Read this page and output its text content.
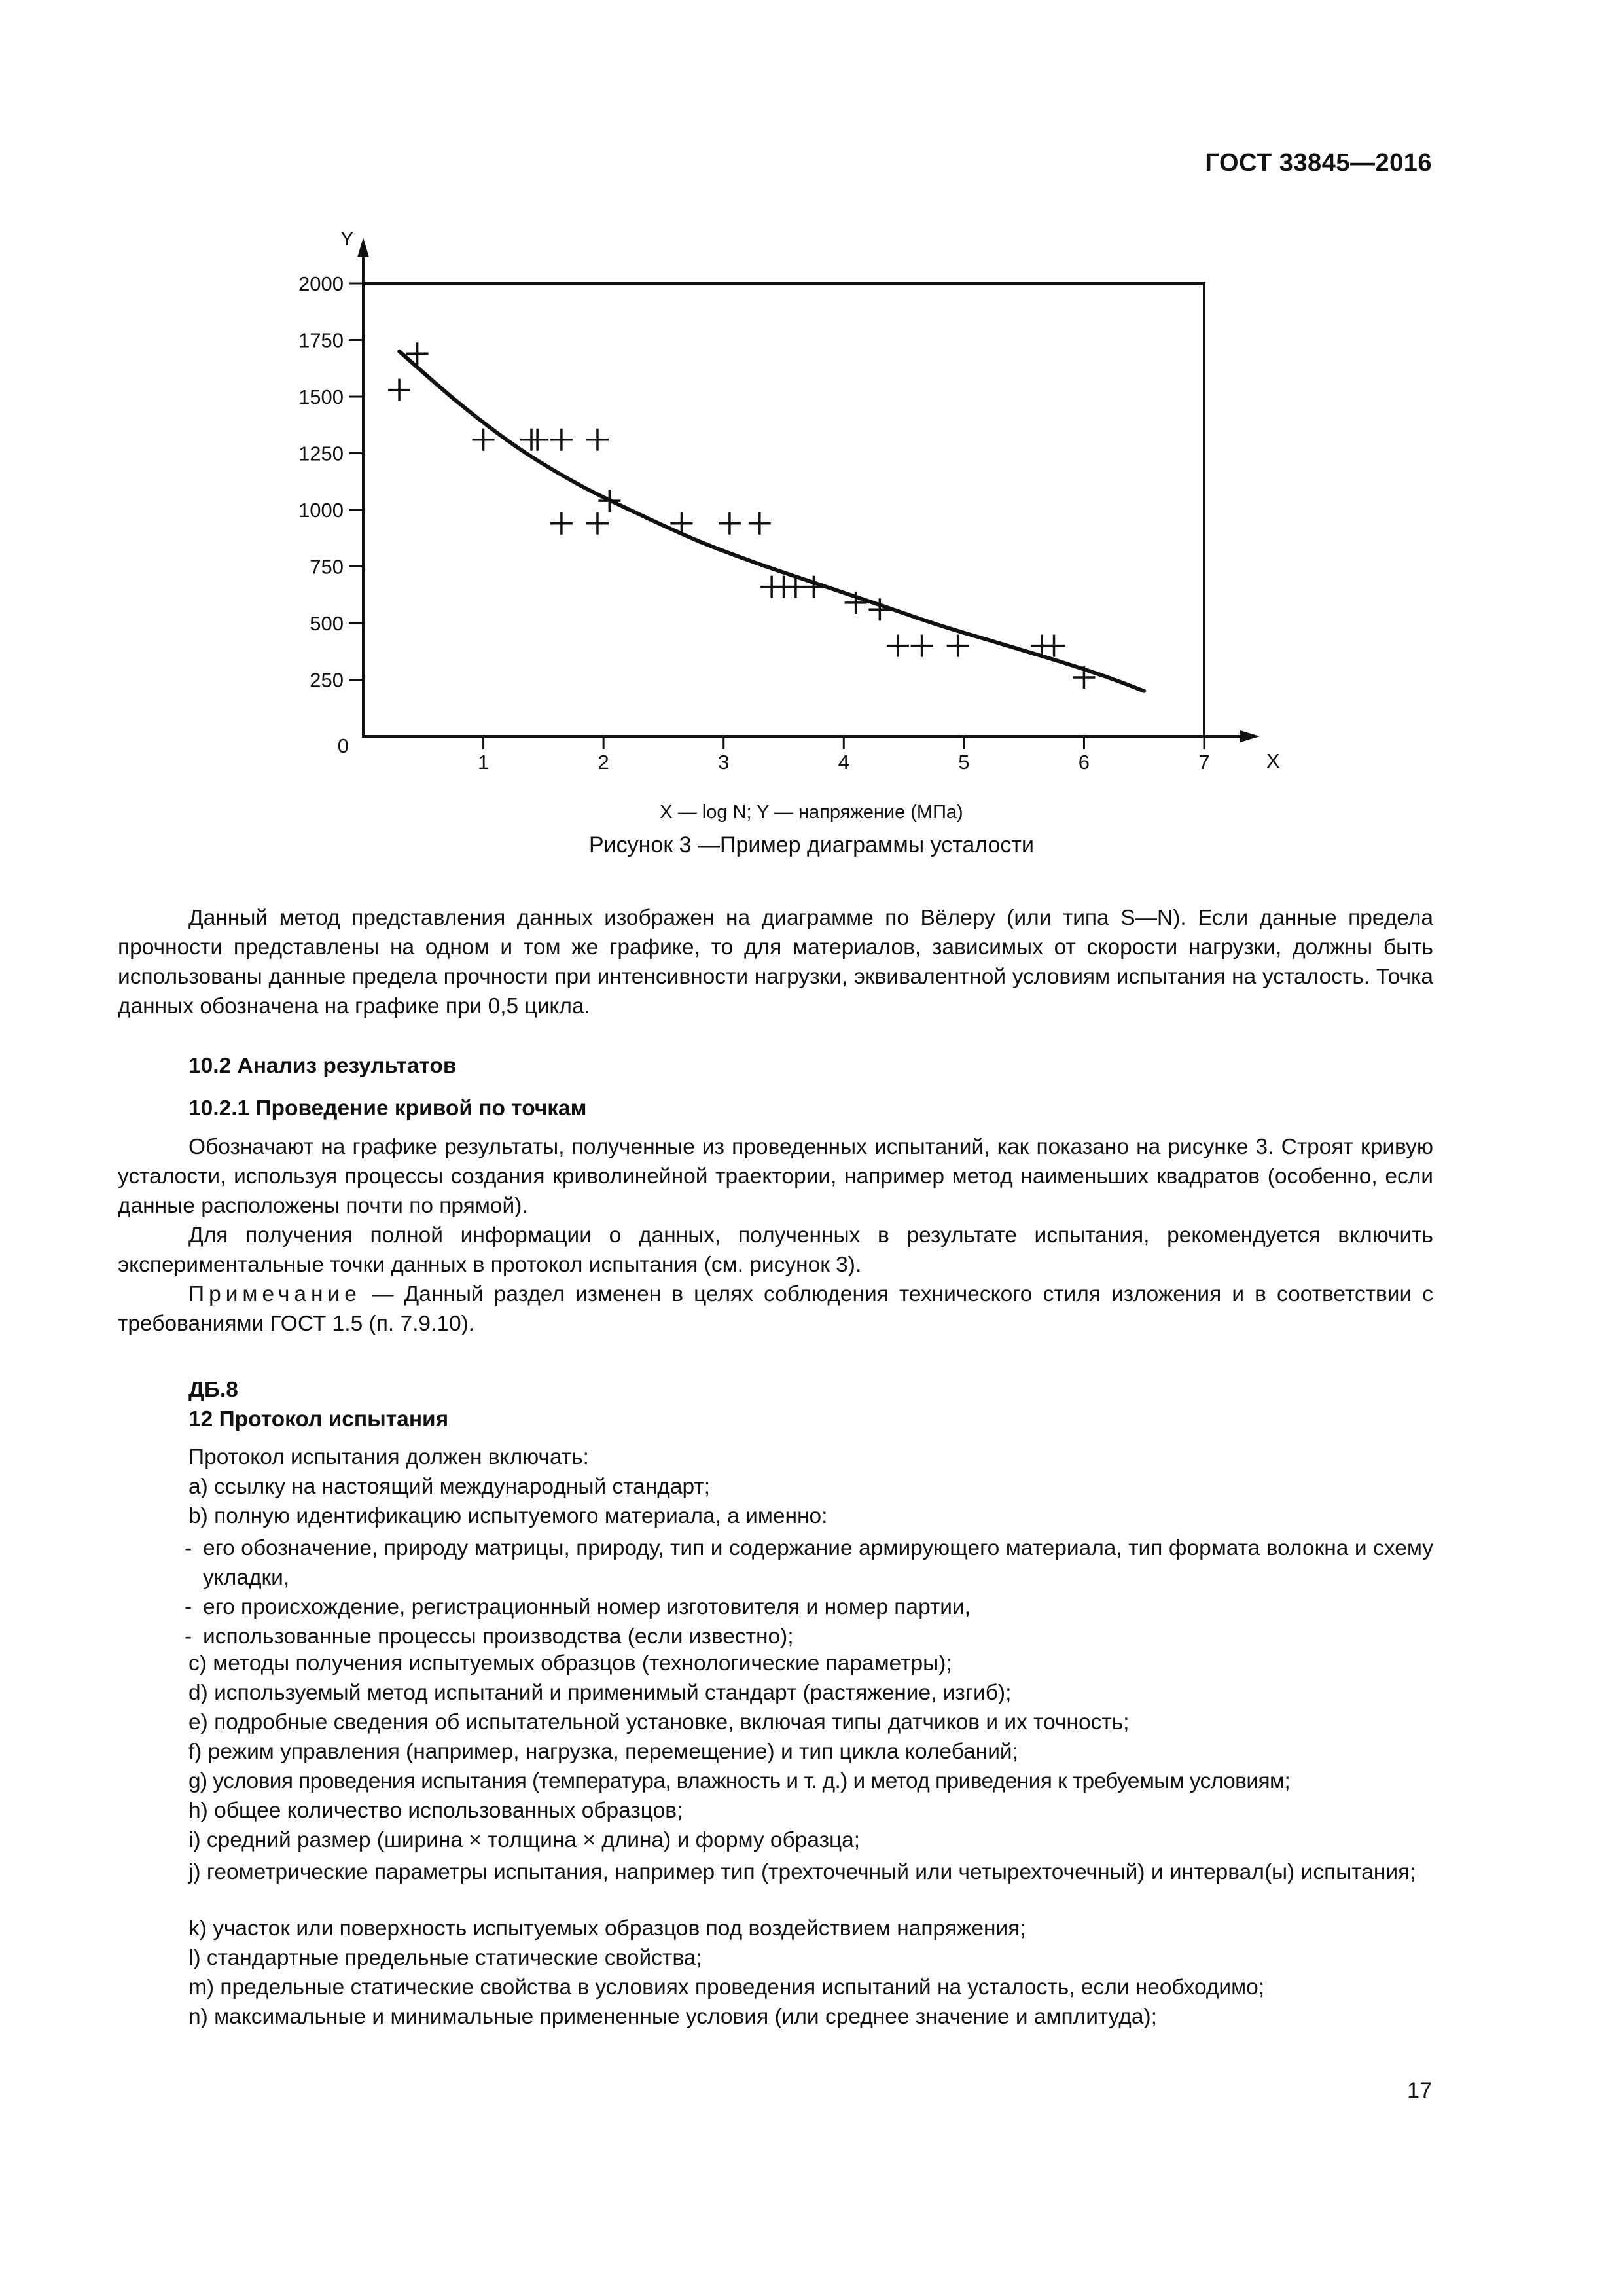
ГОСТ 33845—2016
Y
X
0
250
500
750
1000
1250
1500
1750
2000
1	2	3	4	5	6	7
X — log N; Y — напряжение (МПа)
Рисунок 3 —Пример диаграммы усталости

Данный метод представления данных изображен на диаграмме по Вёлеру (или типа S—N). Если данные предела прочности представлены на одном и том же графике, то для материалов, зависимых от скорости нагрузки, должны быть использованы данные предела прочности при интенсивности нагрузки, эквивалентной условиям испытания на усталость. Точка данных обозначена на графике при 0,5 цикла.

10.2 Анализ результатов

10.2.1 Проведение кривой по точкам

Обозначают на графике результаты, полученные из проведенных испытаний, как показано на рисунке 3. Строят кривую усталости, используя процессы создания криволинейной траектории, например метод наименьших квадратов (особенно, если данные расположены почти по прямой).

Для получения полной информации о данных, полученных в результате испытания, рекомендуется включить экспериментальные точки данных в протокол испытания (см. рисунок 3).

Примечание — Данный раздел изменен в целях соблюдения технического стиля изложения и в соответствии с требованиями ГОСТ 1.5 (п. 7.9.10).

ДБ.8

12 Протокол испытания

Протокол испытания должен включать:

a) ссылку на настоящий международный стандарт;

b) полную идентификацию испытуемого материала, а именно:

- его обозначение, природу матрицы, природу, тип и содержание армирующего материала, тип формата волокна и схему укладки,
- его происхождение, регистрационный номер изготовителя и номер партии,
- использованные процессы производства (если известно);

c) методы получения испытуемых образцов (технологические параметры);

d) используемый метод испытаний и применимый стандарт (растяжение, изгиб);

e) подробные сведения об испытательной установке, включая типы датчиков и их точность;

f) режим управления (например, нагрузка, перемещение) и тип цикла колебаний;

g) условия проведения испытания (температура, влажность и т. д.) и метод приведения к требуемым условиям;

h) общее количество использованных образцов;

i) средний размер (ширина × толщина × длина) и форму образца;

j) геометрические параметры испытания, например тип (трехточечный или четырехточечный) и интервал(ы) испытания;

k) участок или поверхность испытуемых образцов под воздействием напряжения;

l) стандартные предельные статические свойства;

m) предельные статические свойства в условиях проведения испытаний на усталость, если необходимо;

n) максимальные и минимальные примененные условия (или среднее значение и амплитуда);

17
